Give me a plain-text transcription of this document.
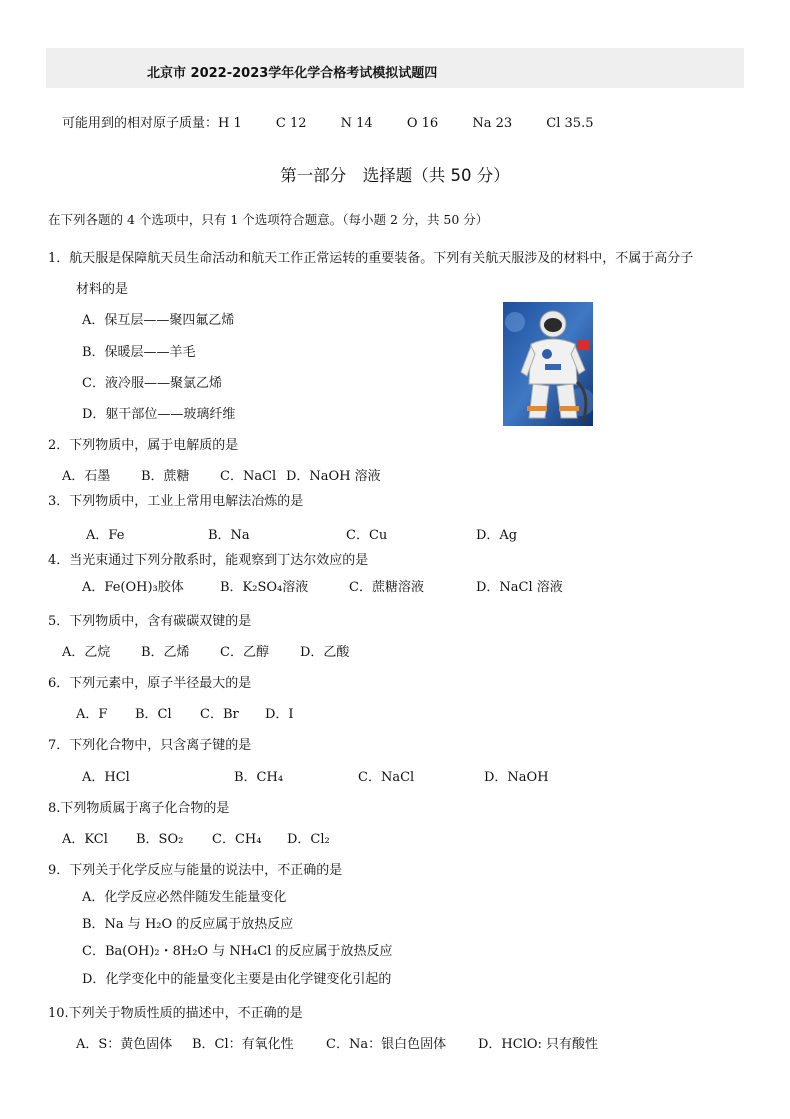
北京市 2022-2023学年化学合格考试模拟试题四
可能用到的相对原子质量：H 1	C 12	N 14	O 16	Na 23	Cl 35.5
第一部分　选择题（共 50 分）
在下列各题的 4 个选项中，只有 1 个选项符合题意。（每小题 2 分，共 50 分）
1．航天服是保障航天员生命活动和航天工作正常运转的重要装备。下列有关航天服涉及的材料中，不属于高分子
材料的是
A．保互层——聚四氟乙烯
B．保暖层——羊毛
C．液冷服——聚氯乙烯
D．躯干部位——玻璃纤维
2．下列物质中，属于电解质的是
A．石墨 B．蔗糖 C．NaCl D．NaOH 溶液
3．下列物质中，工业上常用电解法冶炼的是
A．Fe	B．Na	C．Cu	D．Ag
4．当光束通过下列分散系时，能观察到丁达尔效应的是
A．Fe(OH)₃胶体	B．K₂SO₄溶液	C．蔗糖溶液	D．NaCl 溶液
5．下列物质中，含有碳碳双键的是
A．乙烷 B．乙烯 C．乙醇 D．乙酸
6．下列元素中，原子半径最大的是
A．F B．Cl C．Br D．I
7．下列化合物中，只含离子键的是
A．HCl	B．CH₄	C．NaCl	D．NaOH
8.下列物质属于离子化合物的是
A．KCl B．SO₂ C．CH₄ D．Cl₂
9．下列关于化学反应与能量的说法中，不正确的是
A．化学反应必然伴随发生能量变化
B．Na 与 H₂O 的反应属于放热反应
C．Ba(OH)₂・8H₂O 与 NH₄Cl 的反应属于放热反应
D．化学变化中的能量变化主要是由化学键变化引起的
10.下列关于物质性质的描述中，不正确的是
A．S：黄色固体 B．Cl：有氧化性 C．Na：银白色固体 D．HClO: 只有酸性
